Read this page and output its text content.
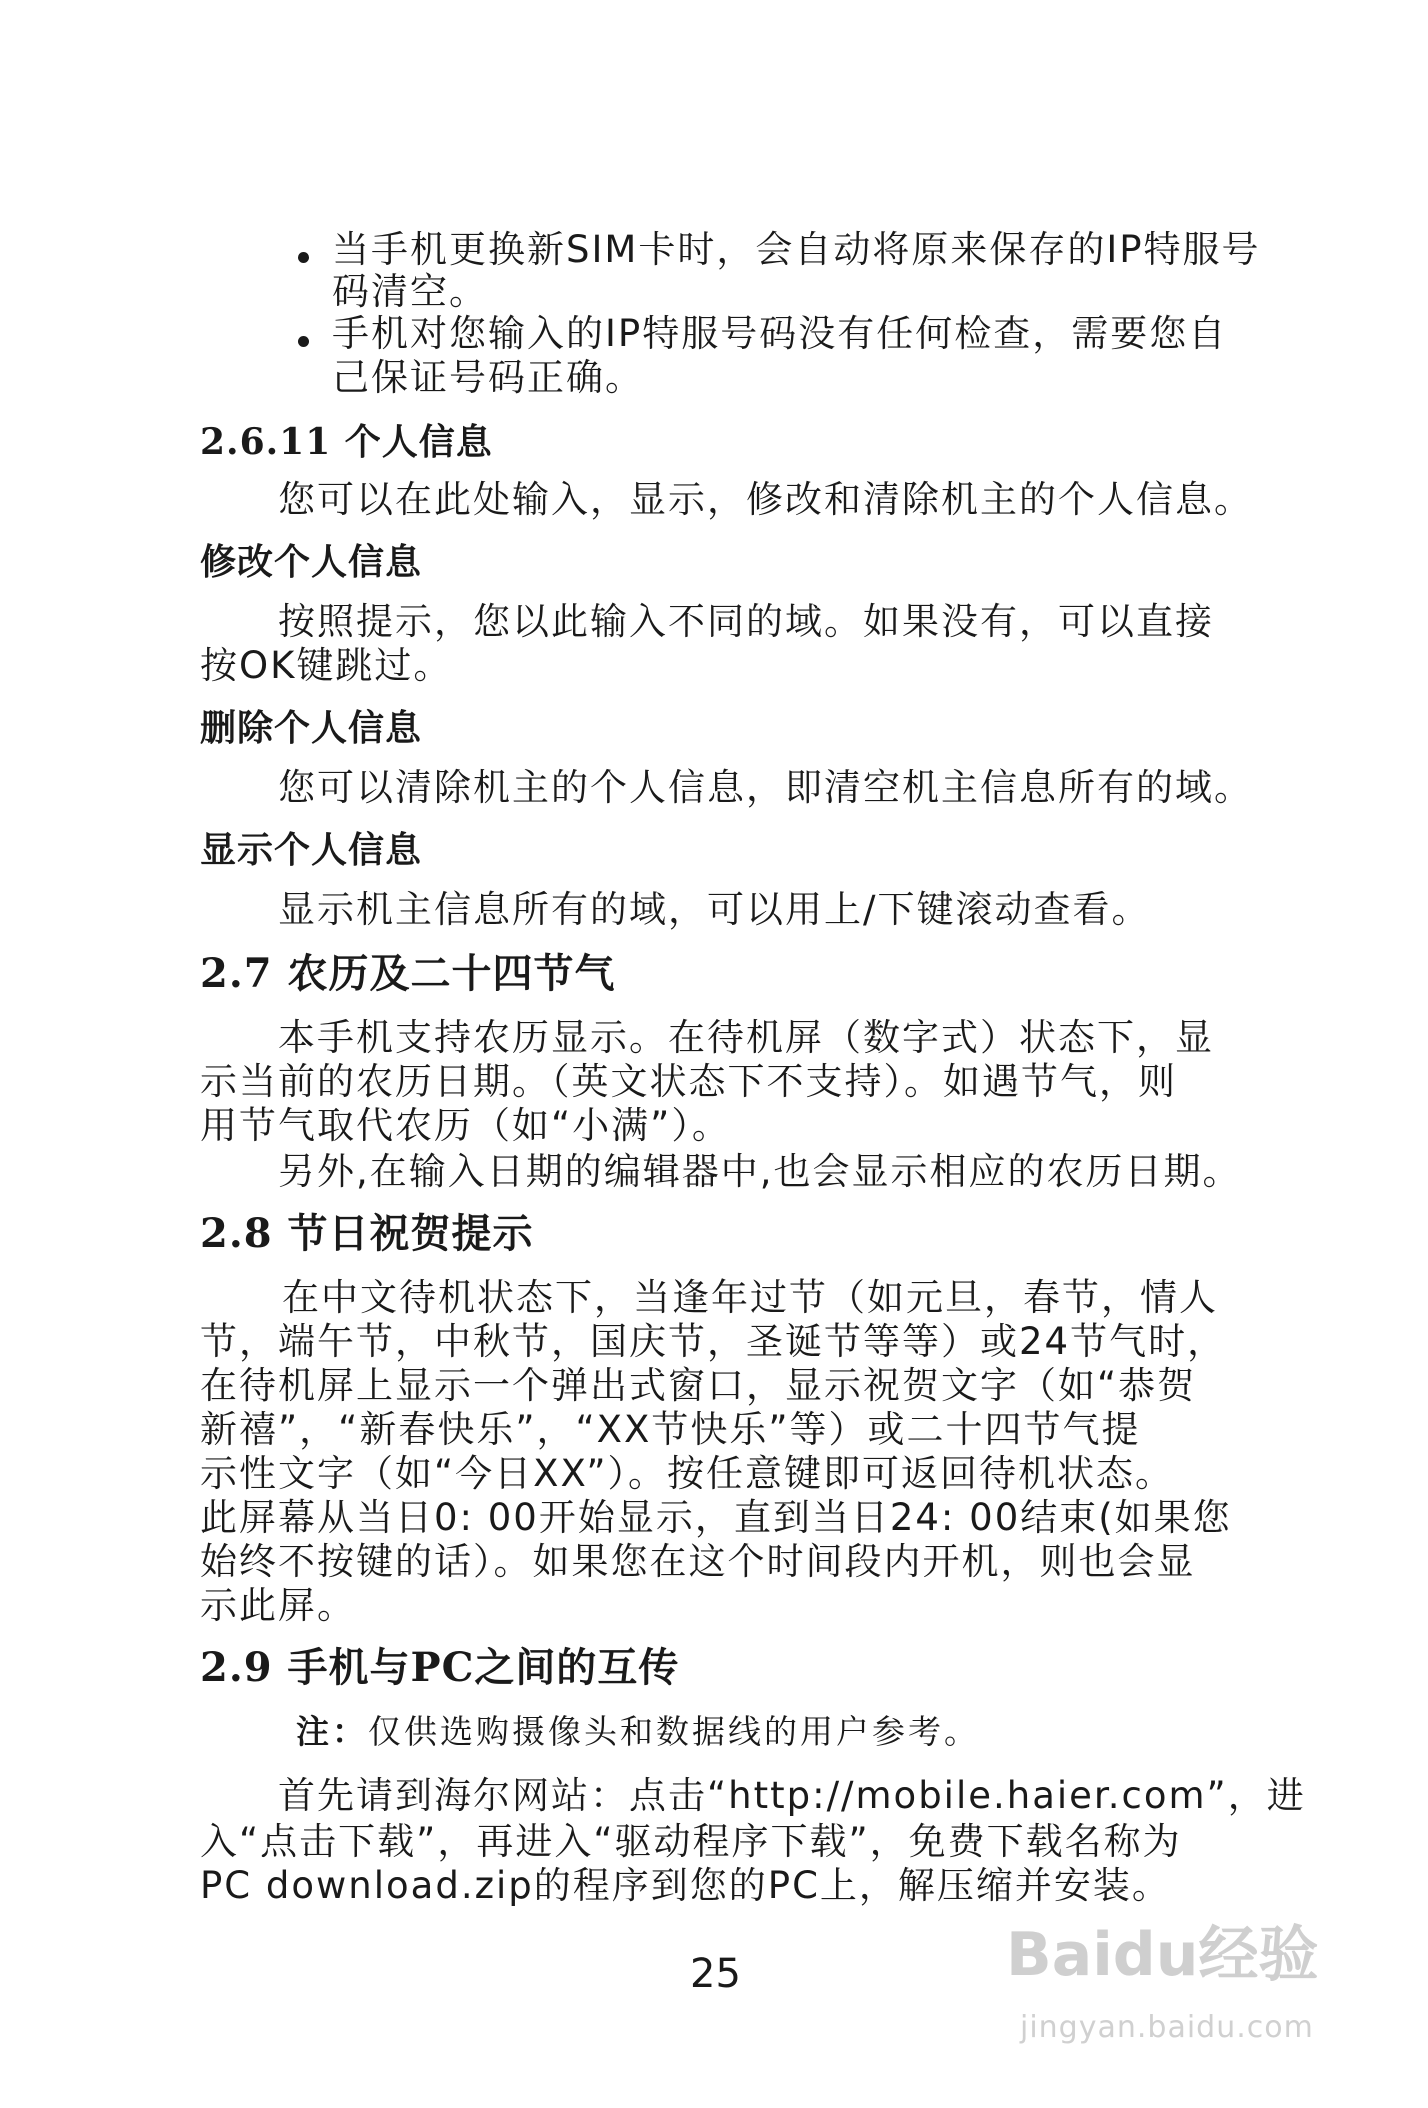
当手机更换新SIM卡时，会自动将原来保存的IP特服号
码清空。
手机对您输入的IP特服号码没有任何检查，需要您自
己保证号码正确。
2.6.11 个人信息
您可以在此处输入，显示，修改和清除机主的个人信息。
修改个人信息
按照提示，您以此输入不同的域。如果没有，可以直接
按OK键跳过。
删除个人信息
您可以清除机主的个人信息，即清空机主信息所有的域。
显示个人信息
显示机主信息所有的域，可以用上/下键滚动查看。
2.7 农历及二十四节气
本手机支持农历显示。在待机屏（数字式）状态下，显
示当前的农历日期。（英文状态下不支持）。如遇节气，则
用节气取代农历（如“小满”）。
另外,在输入日期的编辑器中,也会显示相应的农历日期。
2.8 节日祝贺提示
在中文待机状态下，当逢年过节（如元旦，春节，情人
节，端午节，中秋节，国庆节，圣诞节等等）或24节气时，
在待机屏上显示一个弹出式窗口，显示祝贺文字（如“恭贺
新禧”，“新春快乐”，“XX节快乐”等）或二十四节气提
示性文字（如“今日XX”）。按任意键即可返回待机状态。
此屏幕从当日0: 00开始显示，直到当日24: 00结束(如果您
始终不按键的话）。如果您在这个时间段内开机，则也会显
示此屏。
2.9 手机与PC之间的互传
注：仅供选购摄像头和数据线的用户参考。
首先请到海尔网站：点击“http://mobile.haier.com”，进
入“点击下载”，再进入“驱动程序下载”，免费下载名称为
PC download.zip的程序到您的PC上，解压缩并安装。
25	Baidu经验
jingyan.baidu.com
